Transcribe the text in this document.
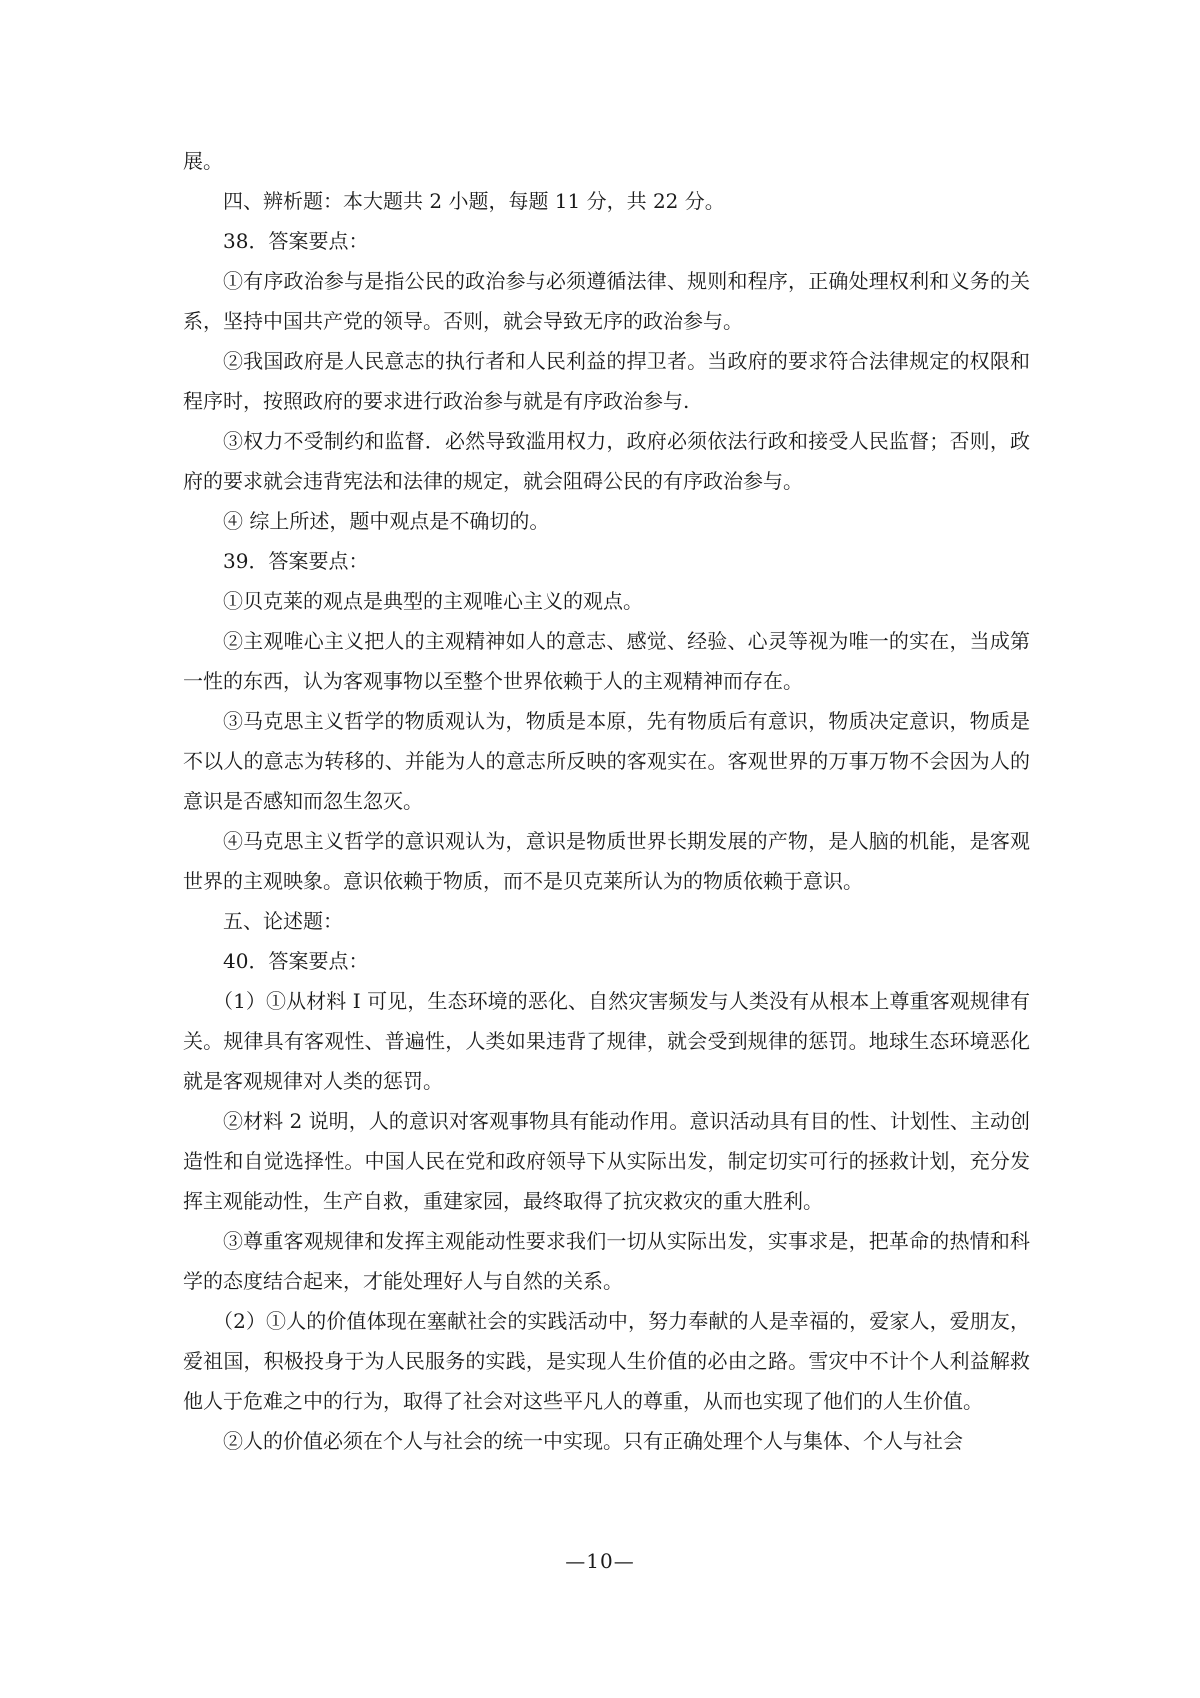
展。

四、辨析题：本大题共 2 小题，每题 11 分，共 22 分。

38．答案要点：

①有序政治参与是指公民的政治参与必须遵循法律、规则和程序，正确处理权利和义务的关系，坚持中国共产党的领导。否则，就会导致无序的政治参与。

②我国政府是人民意志的执行者和人民利益的捍卫者。当政府的要求符合法律规定的权限和程序时，按照政府的要求进行政治参与就是有序政治参与.

③权力不受制约和监督．必然导致滥用权力，政府必须依法行政和接受人民监督；否则，政府的要求就会违背宪法和法律的规定，就会阻碍公民的有序政治参与。

④ 综上所述，题中观点是不确切的。

39．答案要点：

①贝克莱的观点是典型的主观唯心主义的观点。

②主观唯心主义把人的主观精神如人的意志、感觉、经验、心灵等视为唯一的实在，当成第一性的东西，认为客观事物以至整个世界依赖于人的主观精神而存在。

③马克思主义哲学的物质观认为，物质是本原，先有物质后有意识，物质决定意识，物质是不以人的意志为转移的、并能为人的意志所反映的客观实在。客观世界的万事万物不会因为人的意识是否感知而忽生忽灭。

④马克思主义哲学的意识观认为，意识是物质世界长期发展的产物，是人脑的机能，是客观世界的主观映象。意识依赖于物质，而不是贝克莱所认为的物质依赖于意识。

五、论述题：

40．答案要点：

（1）①从材料 I 可见，生态环境的恶化、自然灾害频发与人类没有从根本上尊重客观规律有关。规律具有客观性、普遍性，人类如果违背了规律，就会受到规律的惩罚。地球生态环境恶化就是客观规律对人类的惩罚。

②材料 2 说明，人的意识对客观事物具有能动作用。意识活动具有目的性、计划性、主动创造性和自觉选择性。中国人民在党和政府领导下从实际出发，制定切实可行的拯救计划，充分发挥主观能动性，生产自救，重建家园，最终取得了抗灾救灾的重大胜利。

③尊重客观规律和发挥主观能动性要求我们一切从实际出发，实事求是，把革命的热情和科学的态度结合起来，才能处理好人与自然的关系。

（2）①人的价值体现在塞献社会的实践活动中，努力奉献的人是幸福的，爱家人，爱朋友，爱祖国，积极投身于为人民服务的实践，是实现人生价值的必由之路。雪灾中不计个人利益解救他人于危难之中的行为，取得了社会对这些平凡人的尊重，从而也实现了他们的人生价值。

②人的价值必须在个人与社会的统一中实现。只有正确处理个人与集体、个人与社会

—10—
